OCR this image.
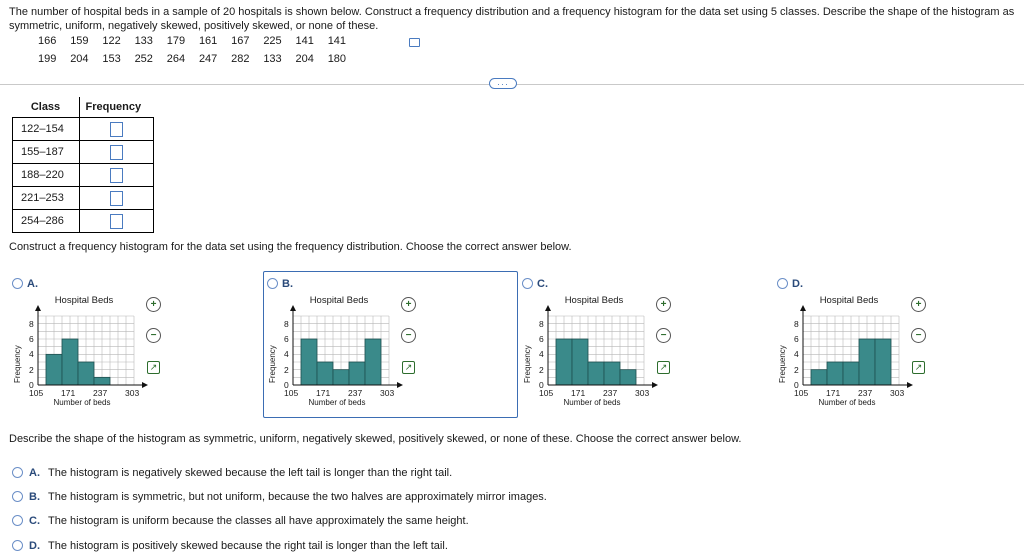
The number of hospital beds in a sample of 20 hospitals is shown below. Construct a frequency distribution and a frequency histogram for the data set using 5 classes. Describe the shape of the histogram as symmetric, uniform, negatively skewed, positively skewed, or none of these.
166	159	122	133	179	161	167	225	141	141
199	204	153	252	264	247	282	133	204	180
···
Class	Frequency
122–154	
155–187	
188–220	
221–253	
254–286	
Construct a frequency histogram for the data set using the frequency distribution. Choose the correct answer below.
A.
Hospital Beds
0
2
4
6
8
105 171 237 303
Frequency
Number of beds
+
−
↗
B.
Hospital Beds
0
2
4
6
8
105 171 237 303
Frequency
Number of beds
+
−
↗
C.
Hospital Beds
0
2
4
6
8
105 171 237 303
Frequency
Number of beds
+
−
↗
D.
Hospital Beds
0
2
4
6
8
105 171 237 303
Frequency
Number of beds
+
−
↗
Describe the shape of the histogram as symmetric, uniform, negatively skewed, positively skewed, or none of these. Choose the correct answer below.
A. The histogram is negatively skewed because the left tail is longer than the right tail.
B. The histogram is symmetric, but not uniform, because the two halves are approximately mirror images.
C. The histogram is uniform because the classes all have approximately the same height.
D. The histogram is positively skewed because the right tail is longer than the left tail.
